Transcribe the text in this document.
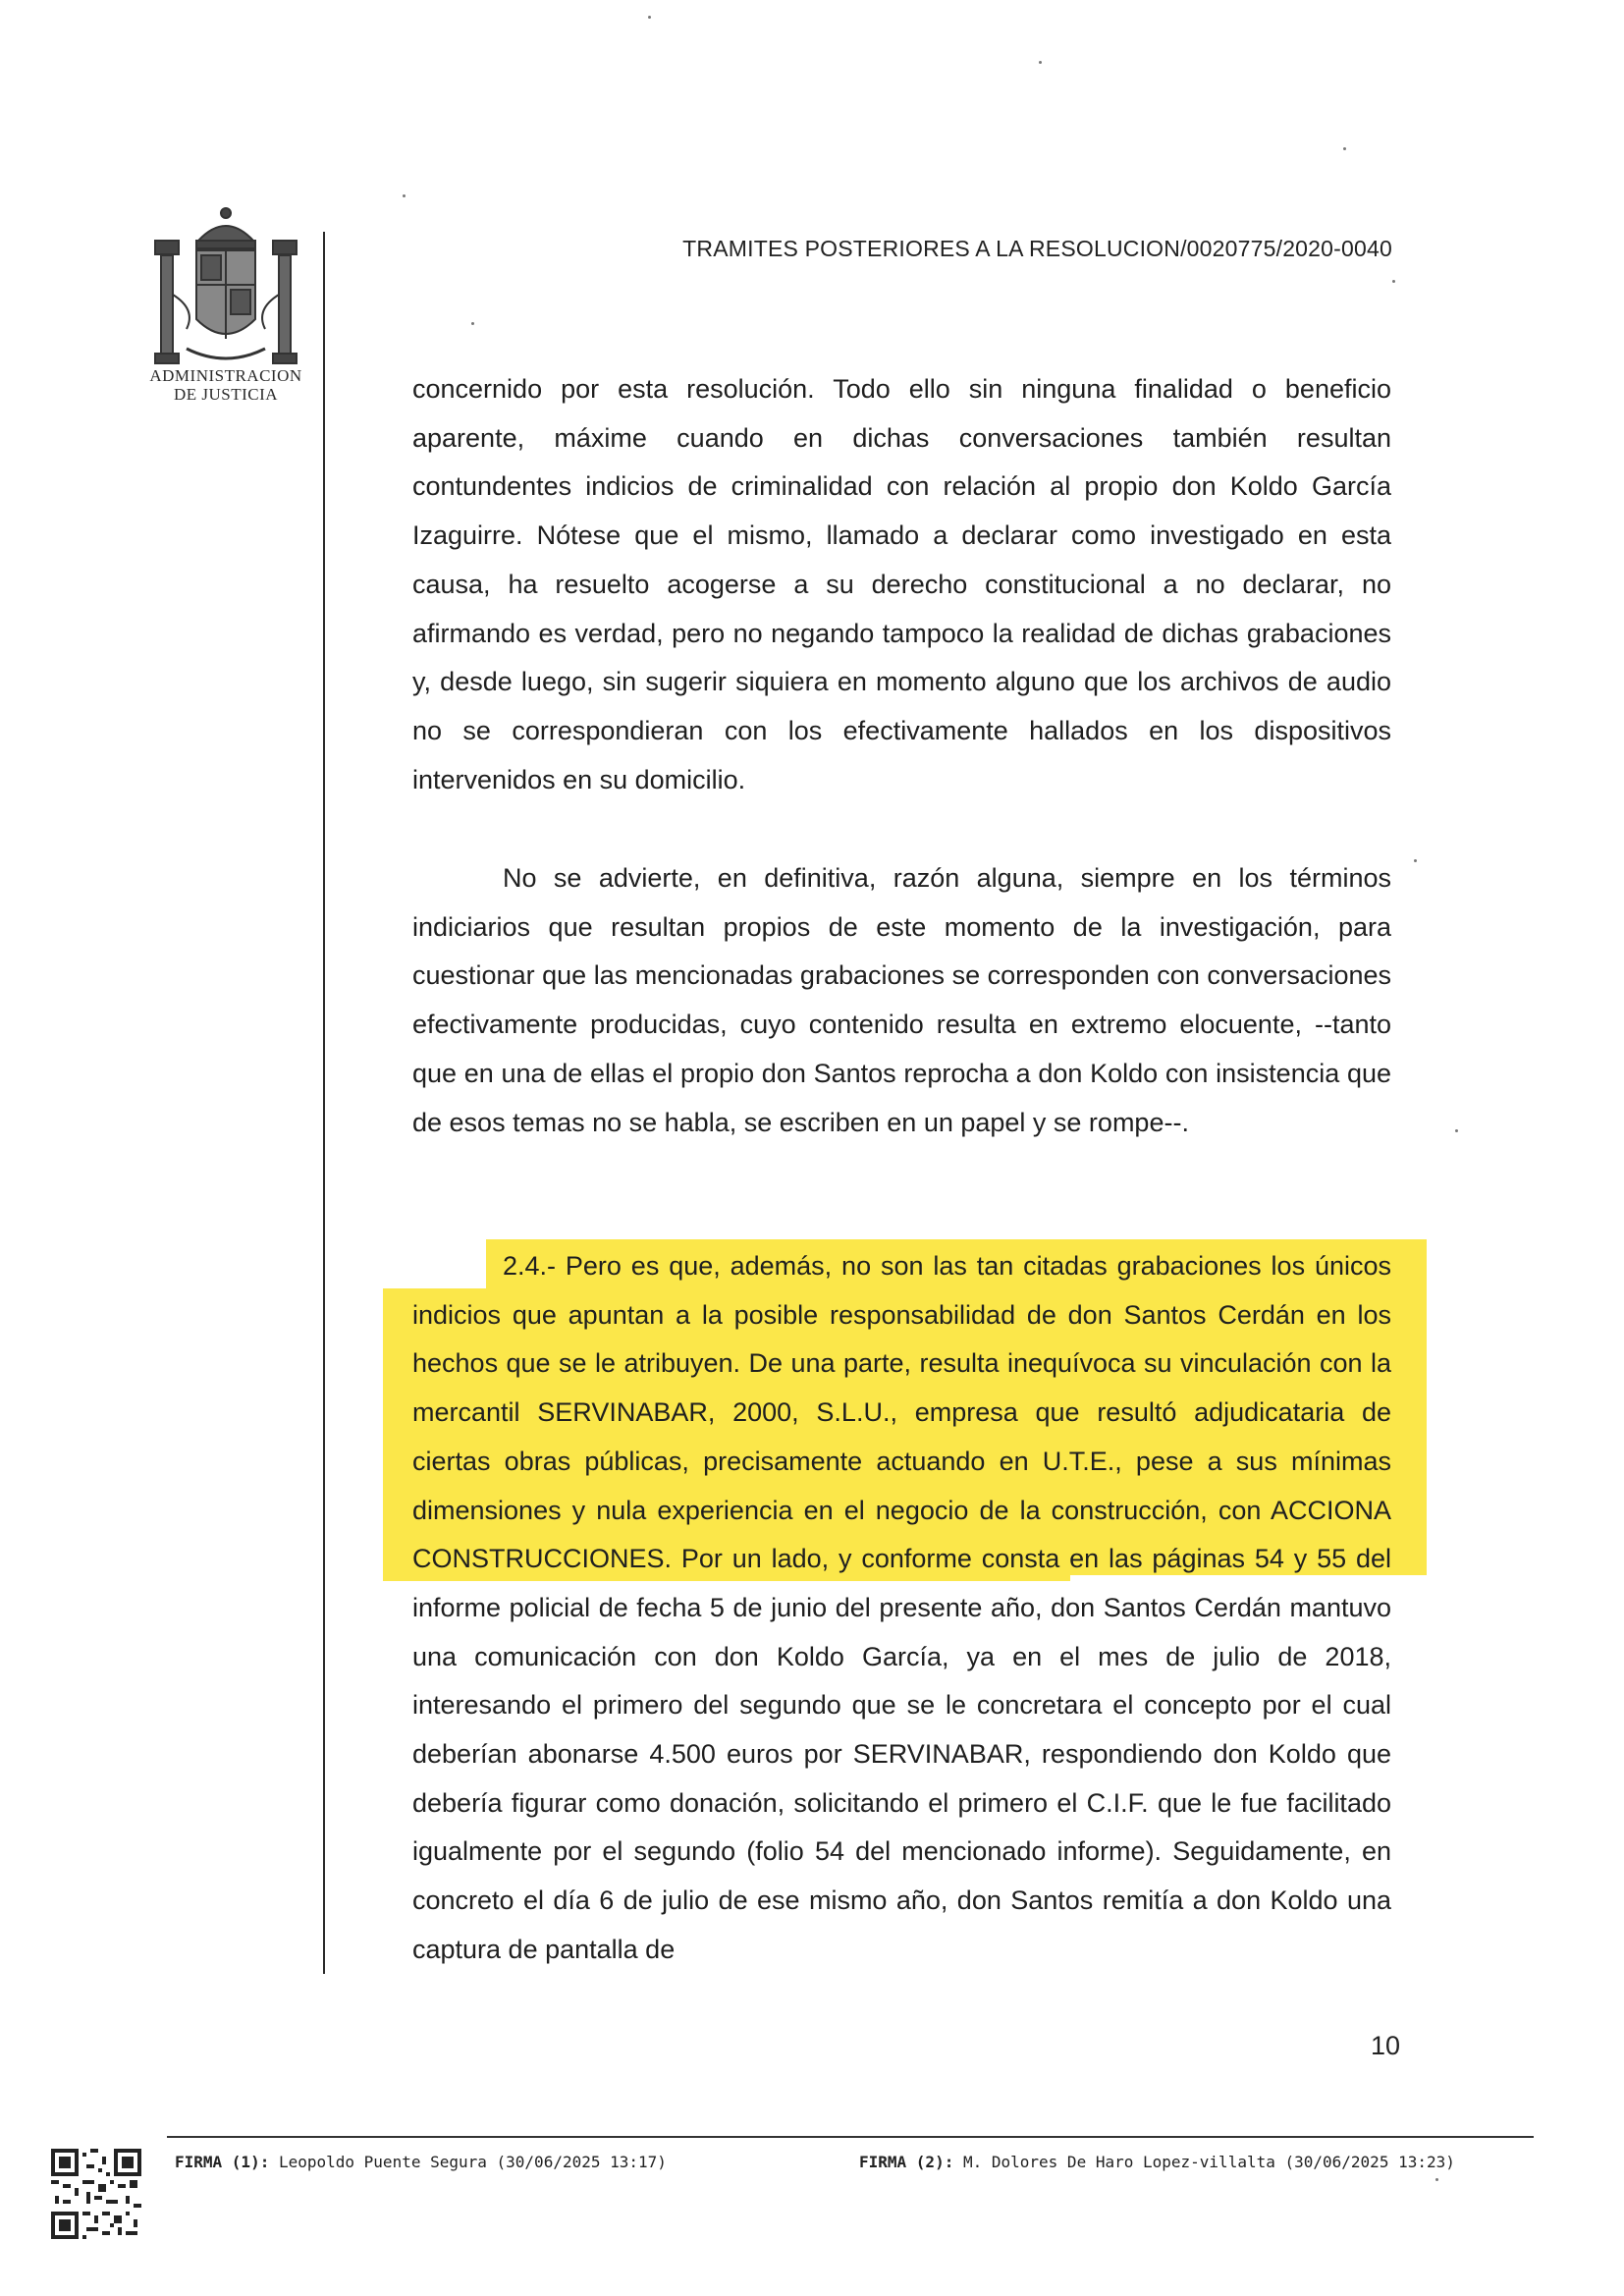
ADMINISTRACION
DE JUSTICIA
TRAMITES POSTERIORES A LA RESOLUCION/0020775/2020-0040

concernido por esta resolución. Todo ello sin ninguna finalidad o beneficio aparente, máxime cuando en dichas conversaciones también resultan contundentes indicios de criminalidad con relación al propio don Koldo García Izaguirre. Nótese que el mismo, llamado a declarar como investigado en esta causa, ha resuelto acogerse a su derecho constitucional a no declarar, no afirmando es verdad, pero no negando tampoco la realidad de dichas grabaciones y, desde luego, sin sugerir siquiera en momento alguno que los archivos de audio no se correspondieran con los efectivamente hallados en los dispositivos intervenidos en su domicilio.

No se advierte, en definitiva, razón alguna, siempre en los términos indiciarios que resultan propios de este momento de la investigación, para cuestionar que las mencionadas grabaciones se corresponden con conversaciones efectivamente producidas, cuyo contenido resulta en extremo elocuente, --tanto que en una de ellas el propio don Santos reprocha a don Koldo con insistencia que de esos temas no se habla, se escriben en un papel y se rompe--.

2.4.- Pero es que, además, no son las tan citadas grabaciones los únicos indicios que apuntan a la posible responsabilidad de don Santos Cerdán en los hechos que se le atribuyen. De una parte, resulta inequívoca su vinculación con la mercantil SERVINABAR, 2000, S.L.U., empresa que resultó adjudicataria de ciertas obras públicas, precisamente actuando en U.T.E., pese a sus mínimas dimensiones y nula experiencia en el negocio de la construcción, con ACCIONA CONSTRUCCIONES. Por un lado, y conforme consta en las páginas 54 y 55 del informe policial de fecha 5 de junio del presente año, don Santos Cerdán mantuvo una comunicación con don Koldo García, ya en el mes de julio de 2018, interesando el primero del segundo que se le concretara el concepto por el cual deberían abonarse 4.500 euros por SERVINABAR, respondiendo don Koldo que debería figurar como donación, solicitando el primero el C.I.F. que le fue facilitado igualmente por el segundo (folio 54 del mencionado informe). Seguidamente, en concreto el día 6 de julio de ese mismo año, don Santos remitía a don Koldo una captura de pantalla de

10
FIRMA (1): Leopoldo Puente Segura (30/06/2025 13:17)	FIRMA (2): M. Dolores De Haro Lopez-villalta (30/06/2025 13:23)
